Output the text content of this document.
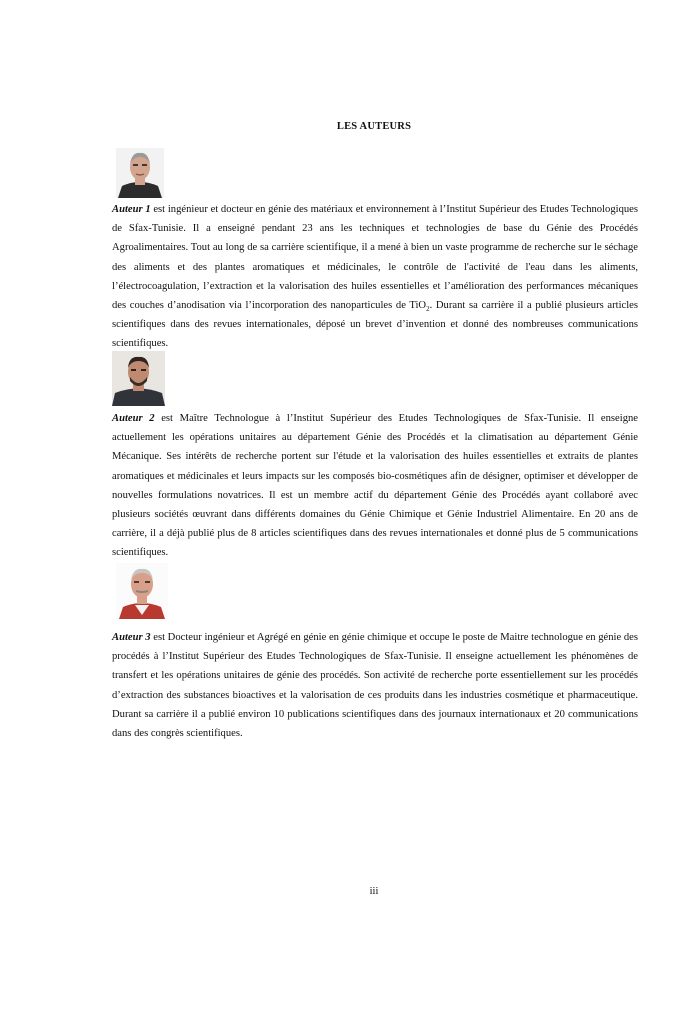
LES AUTEURS

Auteur 1 est ingénieur et docteur en génie des matériaux et environnement à l’Institut Supérieur des Etudes Technologiques de Sfax-Tunisie. Il a enseigné pendant 23 ans les techniques et technologies de base du Génie des Procédés Agroalimentaires. Tout au long de sa carrière scientifique, il a mené à bien un vaste programme de recherche sur le séchage des aliments et des plantes aromatiques et médicinales, le contrôle de l'activité de l'eau dans les aliments, l’électrocoagulation, l’extraction et la valorisation des huiles essentielles et l’amélioration des performances mécaniques des couches d’anodisation via l’incorporation des nanoparticules de TiO$_2$. Durant sa carrière il a publié plusieurs articles scientifiques dans des revues internationales, déposé un brevet d’invention et donné des nombreuses communications scientifiques.

Auteur 2 est Maître Technologue à l’Institut Supérieur des Etudes Technologiques de Sfax-Tunisie. Il enseigne actuellement les opérations unitaires au département Génie des Procédés et la climatisation au département Génie Mécanique. Ses intérêts de recherche portent sur l'étude et la valorisation des huiles essentielles et extraits de plantes aromatiques et médicinales et leurs impacts sur les composés bio-cosmétiques afin de désigner, optimiser et développer de nouvelles formulations novatrices. Il est un membre actif du département Génie des Procédés ayant collaboré avec plusieurs sociétés œuvrant dans différents domaines du Génie Chimique et Génie Industriel Alimentaire. En 20 ans de carrière, il a déjà publié plus de 8 articles scientifiques dans des revues internationales et donné plus de 5 communications scientifiques.

Auteur 3 est Docteur ingénieur et Agrégé en génie en génie chimique et occupe le poste de Maitre technologue en génie des procédés à l’Institut Supérieur des Etudes Technologiques de Sfax-Tunisie. Il enseigne actuellement les phénomènes de transfert et les opérations unitaires de génie des procédés. Son activité de recherche porte essentiellement sur les procédés d’extraction des substances bioactives et la valorisation de ces produits dans les industries cosmétique et pharmaceutique. Durant sa carrière il a publié environ 10 publications scientifiques dans des journaux internationaux et 20 communications dans des congrès scientifiques.

iii
